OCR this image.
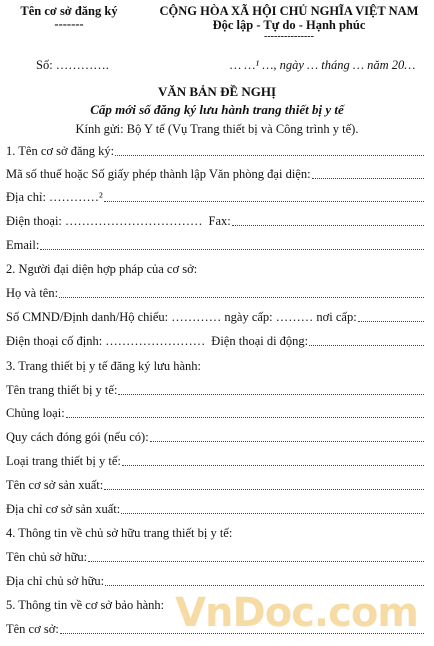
Tên cơ sở đăng ký
-------
CỘNG HÒA XÃ HỘI CHỦ NGHĨA VIỆT NAM
Độc lập - Tự do - Hạnh phúc
---------------
Số: ………….	… …¹ …, ngày … tháng … năm 20…
VĂN BẢN ĐỀ NGHỊ
Cấp mới số đăng ký lưu hành trang thiết bị y tế
Kính gửi: Bộ Y tế (Vụ Trang thiết bị và Công trình y tế).
1. Tên cơ sở đăng ký:
Mã số thuế hoặc Số giấy phép thành lập Văn phòng đại diện:
Địa chỉ: …………²
Điện thoại: …………………………… Fax:
Email:
2. Người đại diện hợp pháp của cơ sở:
Họ và tên:
Số CMND/Định danh/Hộ chiếu: ………… ngày cấp: ……… nơi cấp:
Điện thoại cố định: …………………… Điện thoại di động:
3. Trang thiết bị y tế đăng ký lưu hành:
Tên trang thiết bị y tế:
Chủng loại:
Quy cách đóng gói (nếu có):
Loại trang thiết bị y tế:
Tên cơ sở sản xuất:
Địa chỉ cơ sở sản xuất:
4. Thông tin về chủ sở hữu trang thiết bị y tế:
Tên chủ sở hữu:
Địa chỉ chủ sở hữu:
5. Thông tin về cơ sở bảo hành:
Tên cơ sở:	VnDoc.com
